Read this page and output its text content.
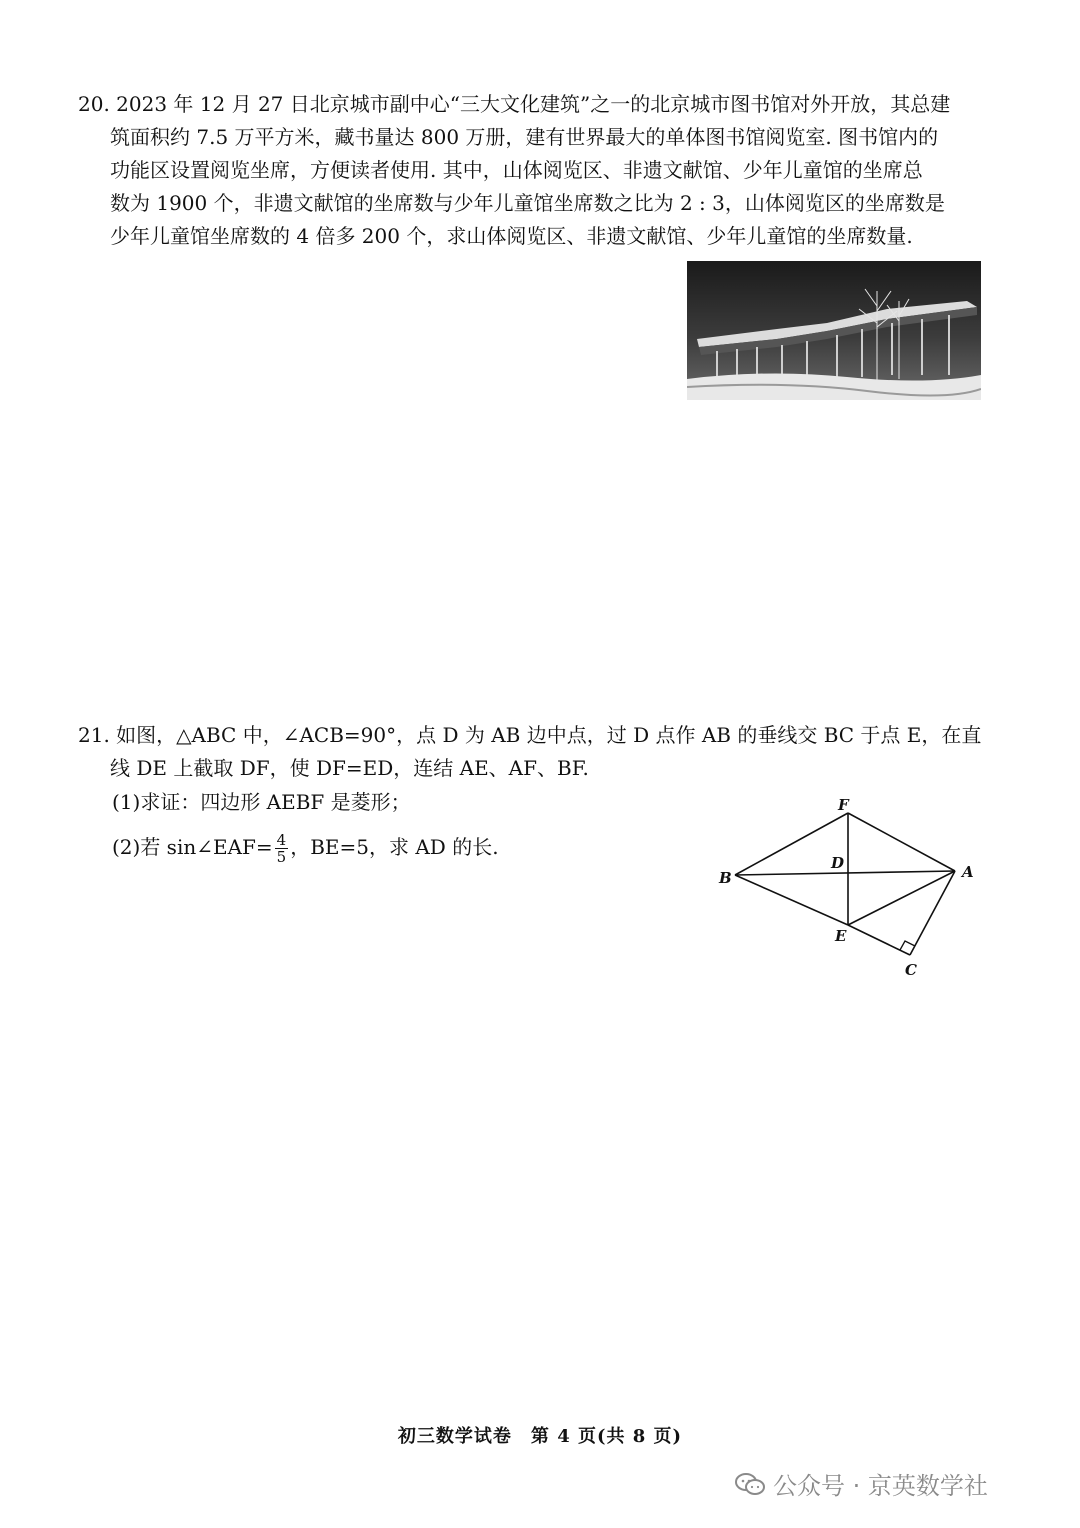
20. 2023 年 12 月 27 日北京城市副中心“三大文化建筑”之一的北京城市图书馆对外开放，其总建

筑面积约 7.5 万平方米，藏书量达 800 万册，建有世界最大的单体图书馆阅览室. 图书馆内的

功能区设置阅览坐席，方便读者使用. 其中，山体阅览区、非遗文献馆、少年儿童馆的坐席总

数为 1900 个，非遗文献馆的坐席数与少年儿童馆坐席数之比为 2 : 3，山体阅览区的坐席数是

少年儿童馆坐席数的 4 倍多 200 个，求山体阅览区、非遗文献馆、少年儿童馆的坐席数量.

21. 如图，△ABC 中，∠ACB=90°，点 D 为 AB 边中点，过 D 点作 AB 的垂线交 BC 于点 E，在直

线 DE 上截取 DF，使 DF=ED，连结 AE、AF、BF.

(1)求证：四边形 AEBF 是菱形；
(2)若 sin∠EAF= $\frac{4}{5}$ ，BE=5，求 AD 的长.
F
D
B	A
E
C
初三数学试卷　第 4 页(共 8 页)
公众号 · 京英数学社
